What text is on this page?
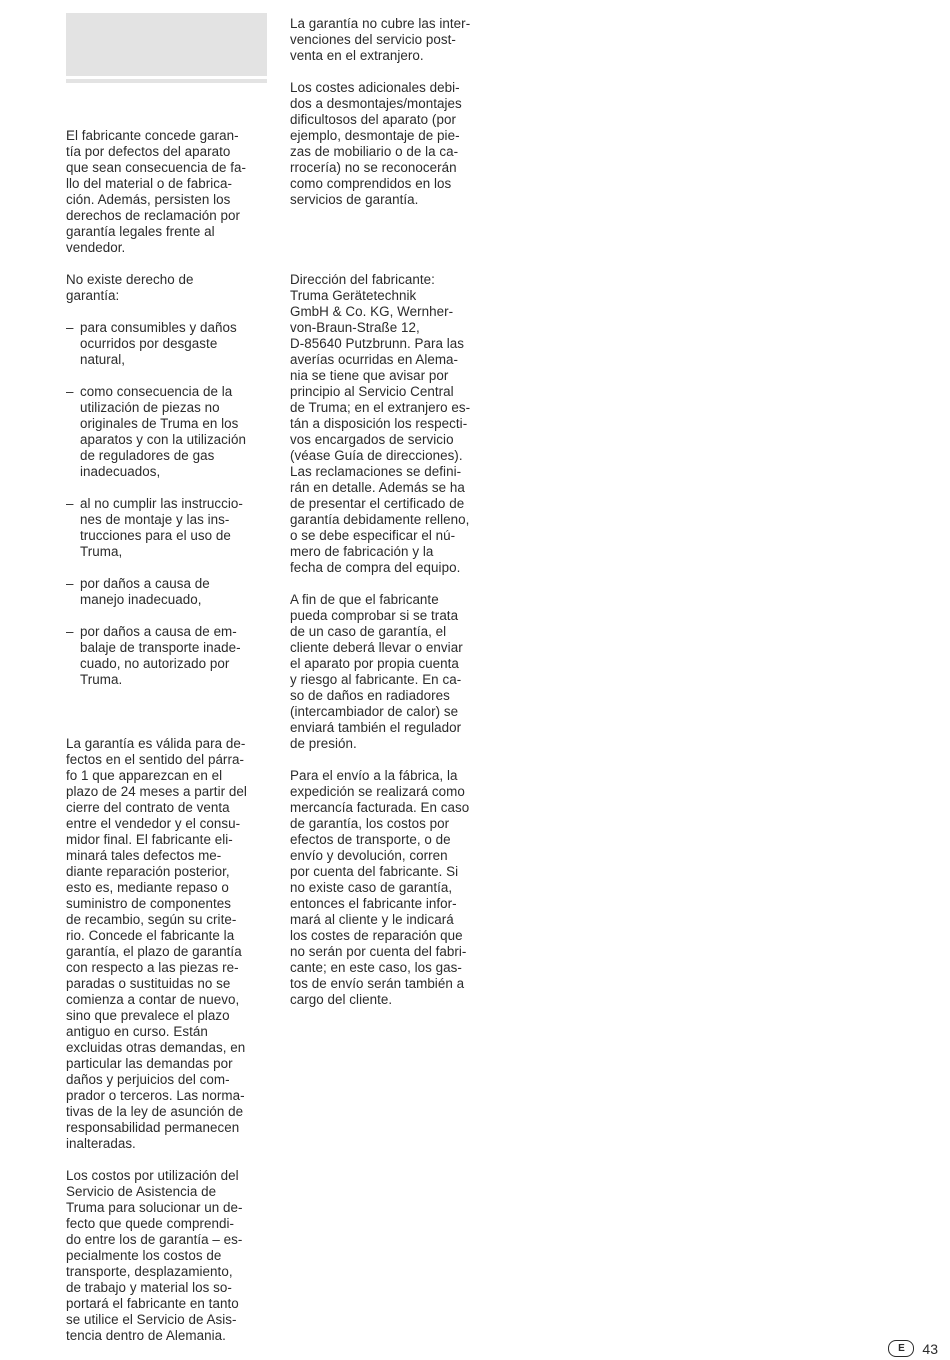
El fabricante concede garan-
tía por defectos del aparato
que sean consecuencia de fa-
llo del material o de fabrica-
ción. Además, persisten los
derechos de reclamación por
garantía legales frente al
vendedor.

No existe derecho de
garantía:

– para consumibles y daños
ocurridos por desgaste
natural,
– como consecuencia de la
utilización de piezas no
originales de Truma en los
aparatos y con la utilización
de reguladores de gas
inadecuados,
– al no cumplir las instruccio-
nes de montaje y las ins-
trucciones para el uso de
Truma,
– por daños a causa de
manejo inadecuado,
– por daños a causa de em-
balaje de transporte inade-
cuado, no autorizado por
Truma.

La garantía es válida para de-
fectos en el sentido del párra-
fo 1 que apparezcan en el
plazo de 24 meses a partir del
cierre del contrato de venta
entre el vendedor y el consu-
midor final. El fabricante eli-
minará tales defectos me-
diante reparación posterior,
esto es, mediante repaso o
suministro de componentes
de recambio, según su crite-
rio. Concede el fabricante la
garantía, el plazo de garantía
con respecto a las piezas re-
paradas o sustituidas no se
comienza a contar de nuevo,
sino que prevalece el plazo
antiguo en curso. Están
excluidas otras demandas, en
particular las demandas por
daños y perjuicios del com-
prador o terceros. Las norma-
tivas de la ley de asunción de
responsabilidad permanecen
inalteradas.

Los costos por utilización del
Servicio de Asistencia de
Truma para solucionar un de-
fecto que quede comprendi-
do entre los de garantía – es-
pecialmente los costos de
transporte, desplazamiento,
de trabajo y material los so-
portará el fabricante en tanto
se utilice el Servicio de Asis-
tencia dentro de Alemania.

La garantía no cubre las inter-
venciones del servicio post-
venta en el extranjero.

Los costes adicionales debi-
dos a desmontajes/montajes
dificultosos del aparato (por
ejemplo, desmontaje de pie-
zas de mobiliario o de la ca-
rrocería) no se reconocerán
como comprendidos en los
servicios de garantía.

Dirección del fabricante:
Truma Gerätetechnik
GmbH & Co. KG, Wernher-
von-Braun-Straße 12,
D-85640 Putzbrunn. Para las
averías ocurridas en Alema-
nia se tiene que avisar por
principio al Servicio Central
de Truma; en el extranjero es-
tán a disposición los respecti-
vos encargados de servicio
(véase Guía de direcciones).
Las reclamaciones se defini-
rán en detalle. Además se ha
de presentar el certificado de
garantía debidamente relleno,
o se debe especificar el nú-
mero de fabricación y la
fecha de compra del equipo.

A fin de que el fabricante
pueda comprobar si se trata
de un caso de garantía, el
cliente deberá llevar o enviar
el aparato por propia cuenta
y riesgo al fabricante. En ca-
so de daños en radiadores
(intercambiador de calor) se
enviará también el regulador
de presión.

Para el envío a la fábrica, la
expedición se realizará como
mercancía facturada. En caso
de garantía, los costos por
efectos de transporte, o de
envío y devolución, corren
por cuenta del fabricante. Si
no existe caso de garantía,
entonces el fabricante infor-
mará al cliente y le indicará
los costes de reparación que
no serán por cuenta del fabri-
cante; en este caso, los gas-
tos de envío serán también a
cargo del cliente.

E	43
